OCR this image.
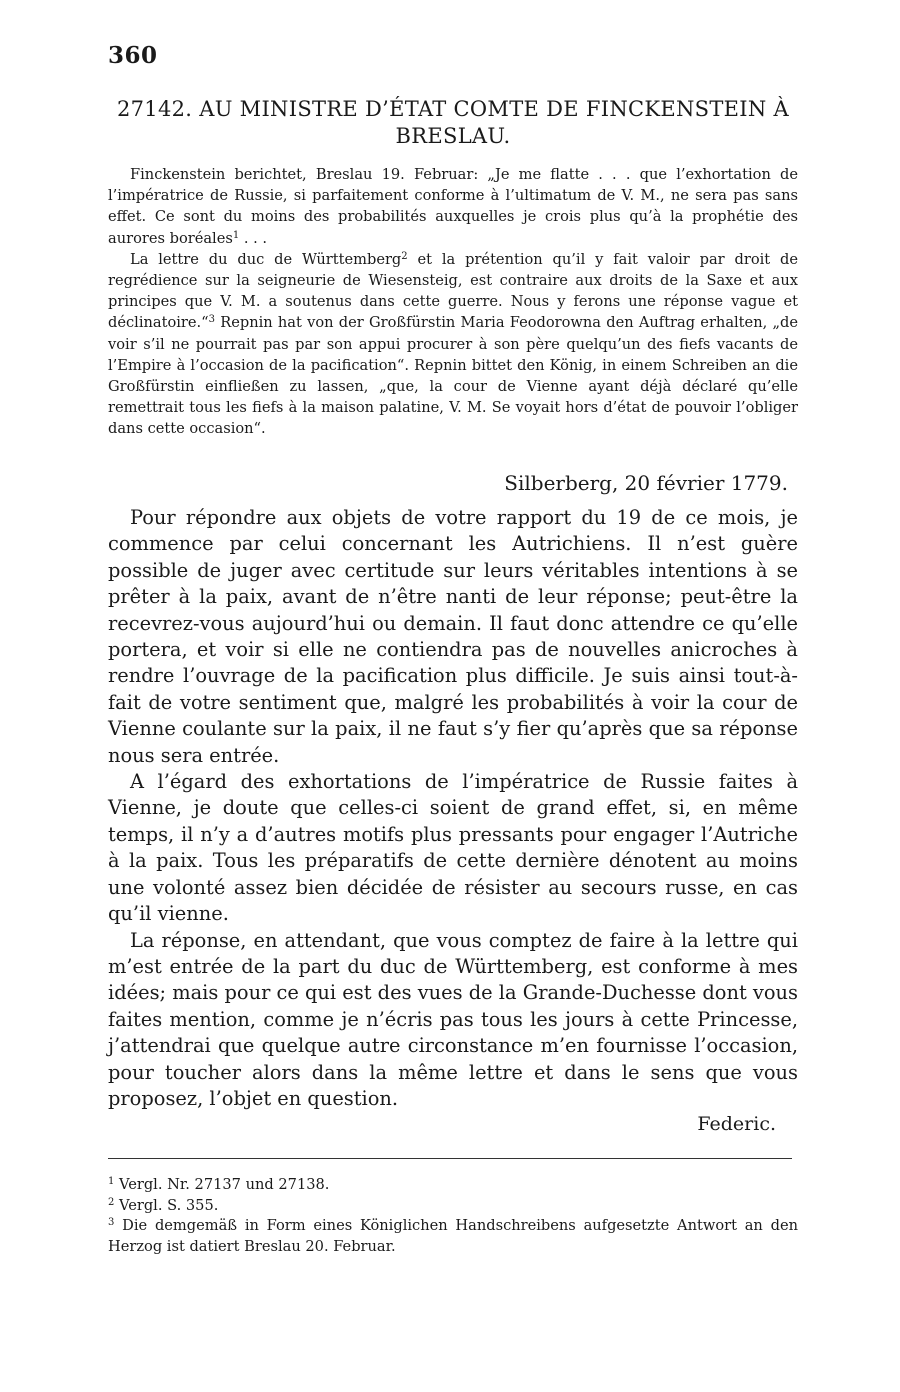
360
27142. AU MINISTRE D’ÉTAT COMTE DE FINCKENSTEIN À BRESLAU.

Finckenstein berichtet, Breslau 19. Februar: „Je me flatte . . . que l’exhortation de l’impératrice de Russie, si parfaitement conforme à l’ultimatum de V. M., ne sera pas sans effet. Ce sont du moins des probabilités auxquelles je crois plus qu’à la prophétie des aurores boréales$^1$ . . .

La lettre du duc de Württemberg$^2$ et la prétention qu’il y fait valoir par droit de regrédience sur la seigneurie de Wiesensteig, est contraire aux droits de la Saxe et aux principes que V. M. a soutenus dans cette guerre. Nous y ferons une réponse vague et déclinatoire.“$^3$ Repnin hat von der Großfürstin Maria Feodorowna den Auftrag erhalten, „de voir s’il ne pourrait pas par son appui procurer à son père quelqu’un des fiefs vacants de l’Empire à l’occasion de la pacification“. Repnin bittet den König, in einem Schreiben an die Großfürstin einfließen zu lassen, „que, la cour de Vienne ayant déjà déclaré qu’elle remettrait tous les fiefs à la maison palatine, V. M. Se voyait hors d’état de pouvoir l’obliger dans cette occasion“.

Silberberg, 20 février 1779.

Pour répondre aux objets de votre rapport du 19 de ce mois, je commence par celui concernant les Autrichiens. Il n’est guère possible de juger avec certitude sur leurs véritables intentions à se prêter à la paix, avant de n’être nanti de leur réponse; peut-être la recevrez-vous aujourd’hui ou demain. Il faut donc attendre ce qu’elle portera, et voir si elle ne contiendra pas de nouvelles anicroches à rendre l’ouvrage de la pacification plus difficile. Je suis ainsi tout-à-fait de votre sentiment que, malgré les probabilités à voir la cour de Vienne coulante sur la paix, il ne faut s’y fier qu’après que sa réponse nous sera entrée.

A l’égard des exhortations de l’impératrice de Russie faites à Vienne, je doute que celles-ci soient de grand effet, si, en même temps, il n’y a d’autres motifs plus pressants pour engager l’Autriche à la paix. Tous les préparatifs de cette dernière dénotent au moins une volonté assez bien décidée de résister au secours russe, en cas qu’il vienne.

La réponse, en attendant, que vous comptez de faire à la lettre qui m’est entrée de la part du duc de Württemberg, est conforme à mes idées; mais pour ce qui est des vues de la Grande-Duchesse dont vous faites mention, comme je n’écris pas tous les jours à cette Princesse, j’attendrai que quelque autre circonstance m’en fournisse l’occasion, pour toucher alors dans la même lettre et dans le sens que vous proposez, l’objet en question.

Federic.

$^1$ Vergl. Nr. 27137 und 27138.

$^2$ Vergl. S. 355.

$^3$ Die demgemäß in Form eines Königlichen Handschreibens aufgesetzte Antwort an den Herzog ist datiert Breslau 20. Februar.
